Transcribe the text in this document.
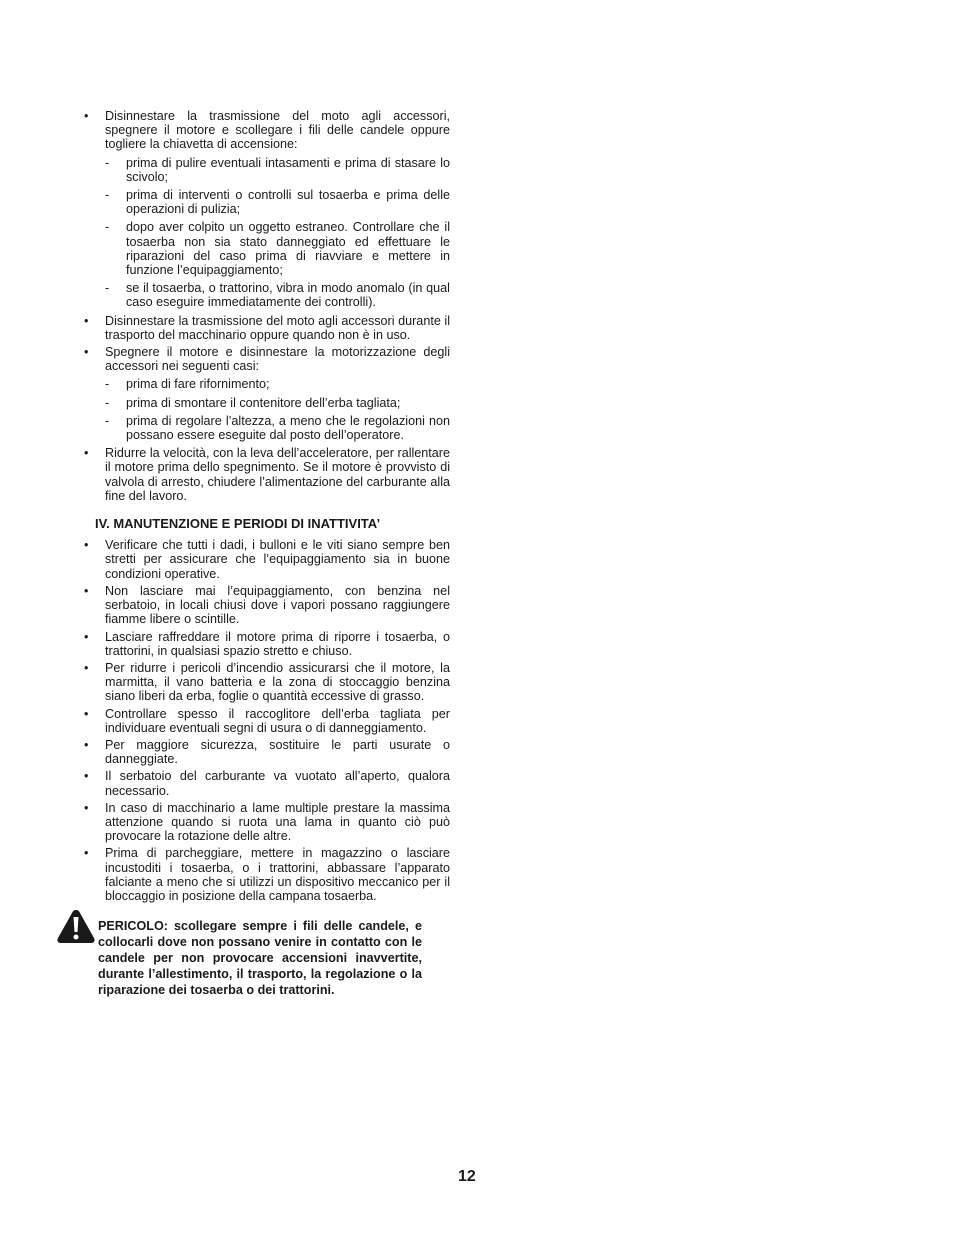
• Disinnestare la trasmissione del moto agli accessori, spegnere il motore e scollegare i fili delle candele oppure togliere la chiavetta di accensione:
- prima di pulire eventuali intasamenti e prima di stasare lo scivolo;
- prima di interventi o controlli sul tosaerba e prima delle operazioni di pulizia;
- dopo aver colpito un oggetto estraneo. Controllare che il tosaerba non sia stato danneggiato ed effettuare le riparazioni del caso prima di riavviare e mettere in funzione l’equipaggiamento;
- se il tosaerba, o trattorino, vibra in modo anomalo (in qual caso eseguire immediatamente dei controlli).
• Disinnestare la trasmissione del moto agli accessori durante il trasporto del macchinario oppure quando non è in uso.
• Spegnere il motore e disinnestare la motorizzazione degli accessori nei seguenti casi:
- prima di fare rifornimento;
- prima di smontare il contenitore dell’erba tagliata;
- prima di regolare l’altezza, a meno che le regolazioni non possano essere eseguite dal posto dell’operatore.
• Ridurre la velocità, con la leva dell’acceleratore, per rallentare il motore prima dello spegnimento. Se il motore è provvisto di valvola di arresto, chiudere l’alimentazione del carburante alla fine del lavoro.
IV. MANUTENZIONE E PERIODI DI INATTIVITA’
• Verificare che tutti i dadi, i bulloni e le viti siano sempre ben stretti per assicurare che l’equipaggiamento sia in buone condizioni operative.
• Non lasciare mai l’equipaggiamento, con benzina nel serbatoio, in locali chiusi dove i vapori possano raggiungere fiamme libere o scintille.
• Lasciare raffreddare il motore prima di riporre i tosaerba, o trattorini, in qualsiasi spazio stretto e chiuso.
• Per ridurre i pericoli d’incendio assicurarsi che il motore, la marmitta, il vano batteria e la zona di stoccaggio benzina siano liberi da erba, foglie o quantità eccessive di grasso.
• Controllare spesso il raccoglitore dell’erba tagliata per individuare eventuali segni di usura o di danneggiamento.
• Per maggiore sicurezza, sostituire le parti usurate o danneggiate.
• Il serbatoio del carburante va vuotato all’aperto, qualora necessario.
• In caso di macchinario a lame multiple prestare la massima attenzione quando si ruota una lama in quanto ciò può provocare la rotazione delle altre.
• Prima di parcheggiare, mettere in magazzino o lasciare incustoditi i tosaerba, o i trattorini, abbassare l’apparato falciante a meno che si utilizzi un dispositivo meccanico per il bloccaggio in posizione della campana tosaerba.
PERICOLO: scollegare sempre i fili delle candele, e collocarli dove non possano venire in contatto con le candele per non provocare accensioni inavvertite, durante l’allestimento, il trasporto, la regolazione o la riparazione dei tosaerba o dei trattorini.
12
